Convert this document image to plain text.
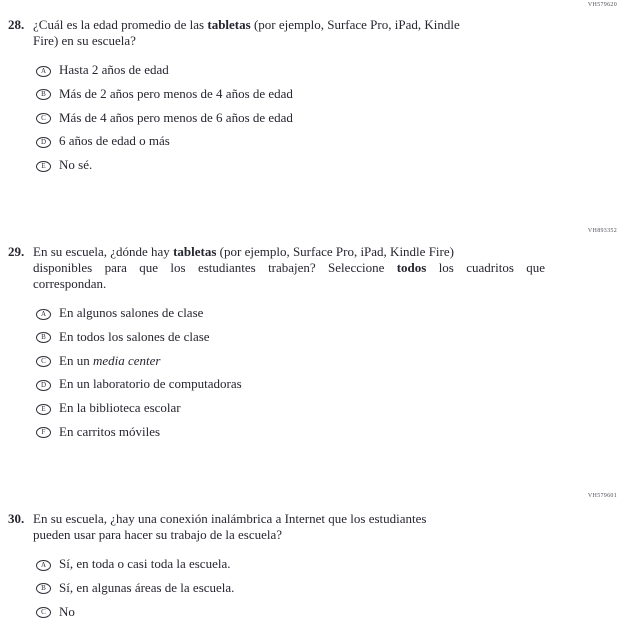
VH579620
VH893352
VH579601
28. ¿Cuál es la edad promedio de las tabletas (por ejemplo, Surface Pro, iPad, Kindle
Fire) en su escuela?
A Hasta 2 años de edad
B	Más de 2 años pero menos de 4 años de edad
C	Más de 4 años pero menos de 6 años de edad
D 6 años de edad o más
E	No sé.
29. En su escuela, ¿dónde hay tabletas (por ejemplo, Surface Pro, iPad, Kindle Fire)
disponibles para que los estudiantes trabajen? Seleccione todos los cuadritos que
correspondan.
A En algunos salones de clase
B	En todos los salones de clase
C	En un media center
D En un laboratorio de computadoras
E	En la biblioteca escolar
F	En carritos móviles
30. En su escuela, ¿hay una conexión inalámbrica a Internet que los estudiantes
pueden usar para hacer su trabajo de la escuela?
A Sí, en toda o casi toda la escuela.
B	Sí, en algunas áreas de la escuela.
C	No
